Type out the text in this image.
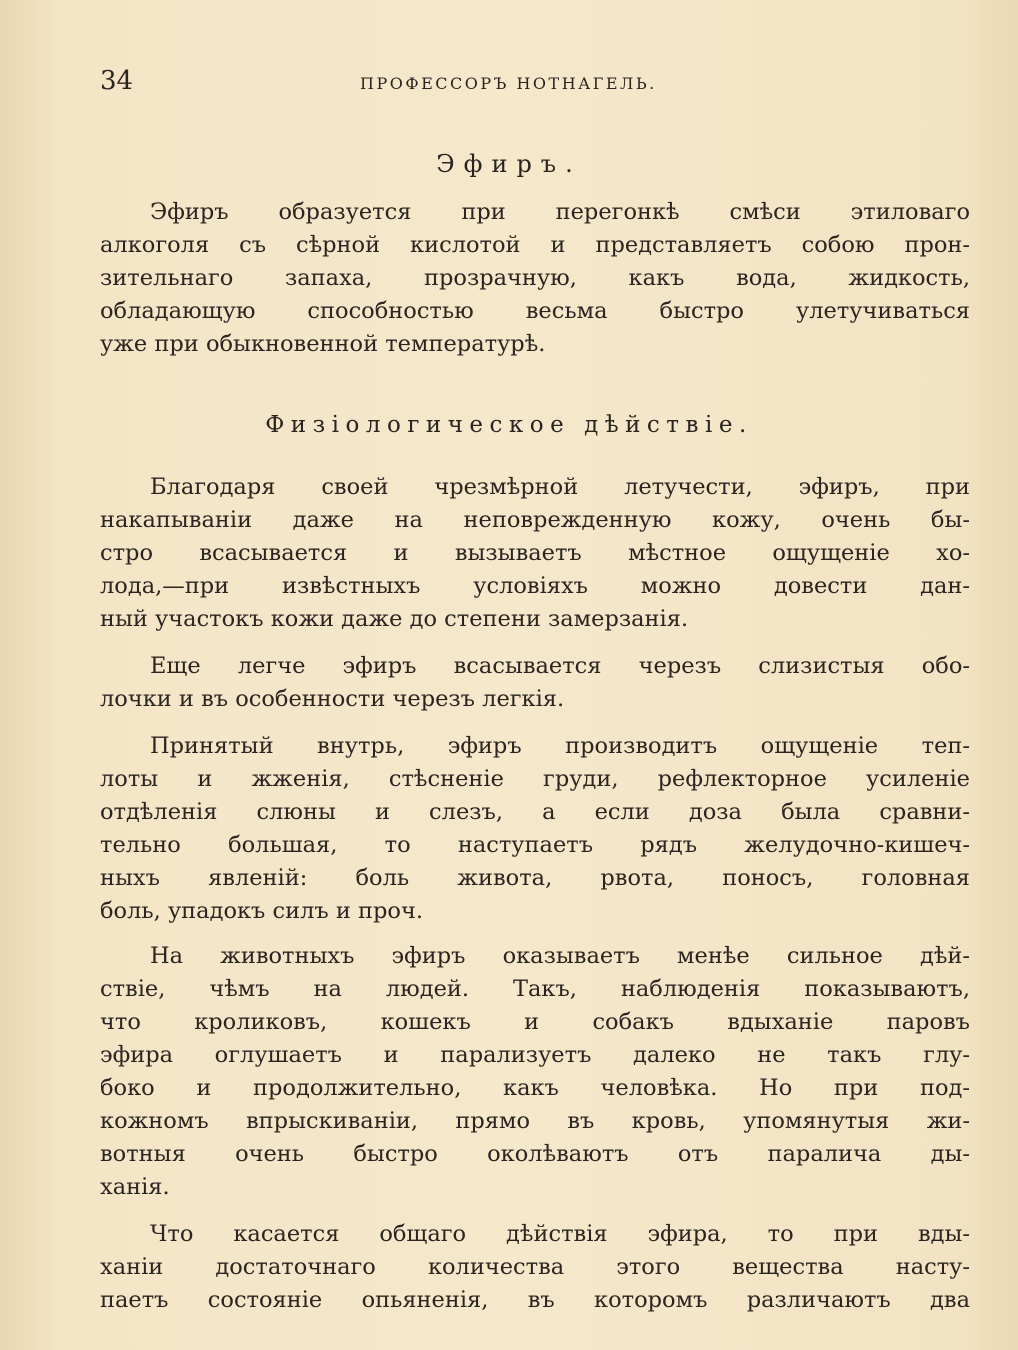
34	ПРОФЕССОРЪ НОТНАГЕЛЬ.
Эфиръ.
Эфиръ образуется при перегонкѣ смѣси этиловаго
алкоголя съ сѣрной кислотой и представляетъ собою прон-
зительнаго запаха, прозрачную, какъ вода, жидкость,
обладающую способностью весьма быстро улетучиваться
уже при обыкновенной температурѣ.
Физіологическое дѣйствіе.
Благодаря своей чрезмѣрной летучести, эфиръ, при
накапываніи даже на неповрежденную кожу, очень бы-
стро всасывается и вызываетъ мѣстное ощущеніе хо-
лода,—при извѣстныхъ условіяхъ можно довести дан-
ный участокъ кожи даже до степени замерзанія.
Еще легче эфиръ всасывается черезъ слизистыя обо-
лочки и въ особенности черезъ легкія.
Принятый внутрь, эфиръ производитъ ощущеніе теп-
лоты и жженія, стѣсненіе груди, рефлекторное усиленіе
отдѣленія слюны и слезъ, а если доза была сравни-
тельно большая, то наступаетъ рядъ желудочно-кишеч-
ныхъ явленій: боль живота, рвота, поносъ, головная
боль, упадокъ силъ и проч.
На животныхъ эфиръ оказываетъ менѣе сильное дѣй-
ствіе, чѣмъ на людей. Такъ, наблюденія показываютъ,
что кроликовъ, кошекъ и собакъ вдыханіе паровъ
эфира оглушаетъ и парализуетъ далеко не такъ глу-
боко и продолжительно, какъ человѣка. Но при под-
кожномъ впрыскиваніи, прямо въ кровь, упомянутыя жи-
вотныя очень быстро околѣваютъ отъ паралича ды-
ханія.
Что касается общаго дѣйствія эфира, то при вды-
ханіи достаточнаго количества этого вещества насту-
паетъ состояніе опьяненія, въ которомъ различаютъ два
